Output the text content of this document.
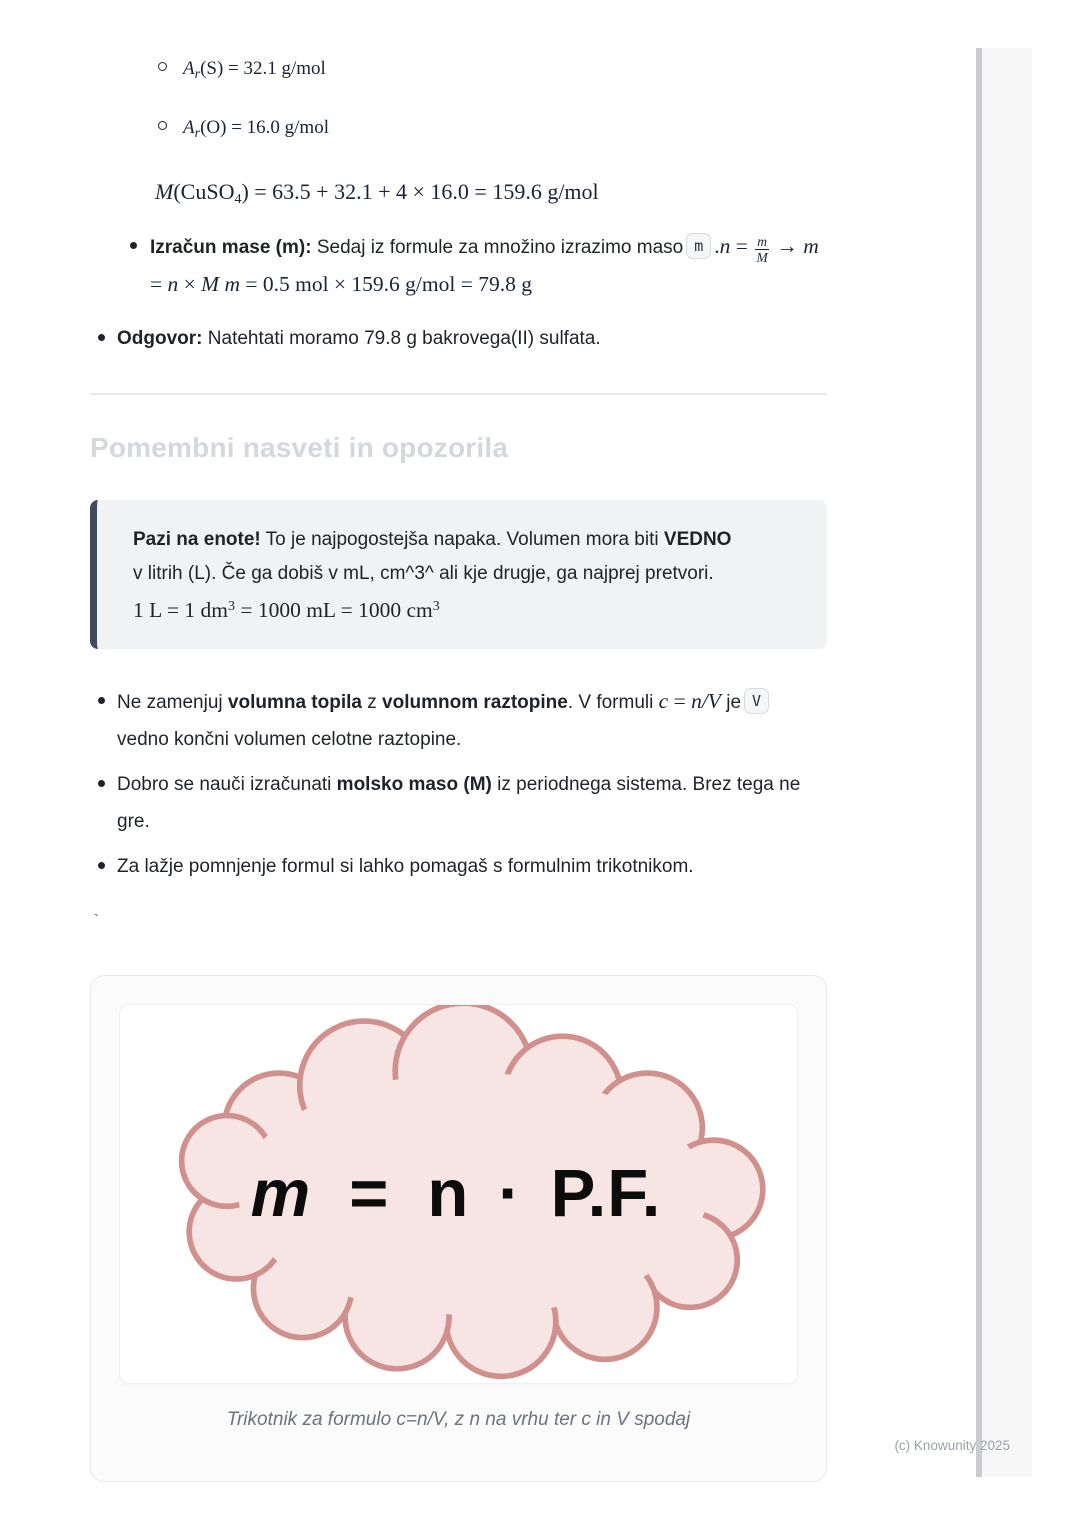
$A_r(S) = 32.1$ g/mol
$A_r(O) = 16.0$ g/mol
M(CuSO$_4$) = 63.5 + 32.1 + 4 × 16.0 = 159.6 g/mol
Izračun mase (m): Sedaj iz formule za množino izrazimo maso m $.n = \frac{m}{M} \to m = n \times M$ m = 0.5 mol × 159.6 g/mol = 79.8 g
Odgovor: Natehtati moramo 79.8 g bakrovega(II) sulfata.
Pomembni nasveti in opozorila
Pazi na enote! To je najpogostejša napaka. Volumen mora biti VEDNO
v litrih (L). Če ga dobiš v mL, cm^3^ ali kje drugje, ga najprej pretvori.
1 L = 1 $dm^3 = 1000$ mL = 1000 $cm^3$
Ne zamenjuj volumna topila z volumnom raztopine. V formuli c = n/V je V vedno končni volumen celotne raztopine.
Dobro se nauči izračunati molsko maso (M) iz periodnega sistema. Brez tega ne gre.
Za lažje pomnjenje formul si lahko pomagaš s formulnim trikotnikom.
`
m = n · P.F.
Trikotnik za formulo c=n/V, z n na vrhu ter c in V spodaj
(c) Knowunity 2025
